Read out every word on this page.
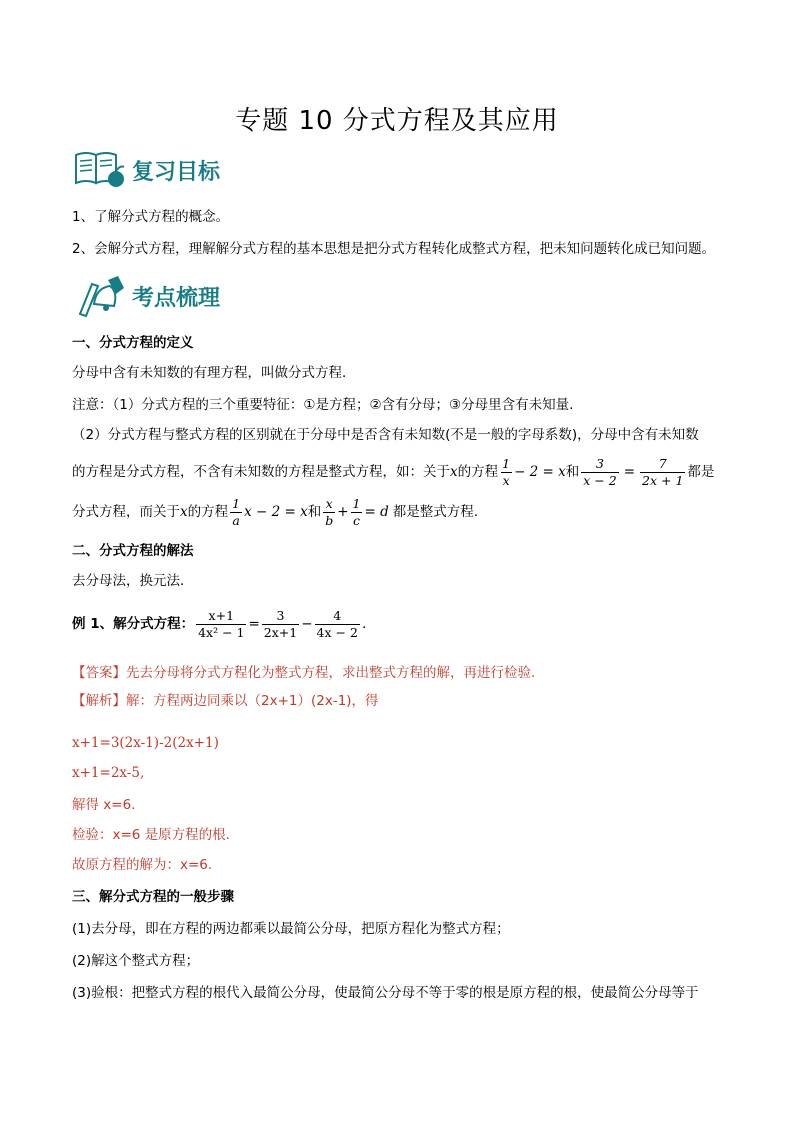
专题 10 分式方程及其应用
复习目标
1、了解分式方程的概念。
2、会解分式方程，理解解分式方程的基本思想是把分式方程转化成整式方程，把未知问题转化成已知问题。
考点梳理
一、分式方程的定义
分母中含有未知数的有理方程，叫做分式方程．
注意：（1）分式方程的三个重要特征：①是方程；②含有分母；③分母里含有未知量.
（2）分式方程与整式方程的区别就在于分母中是否含有未知数(不是一般的字母系数)，分母中含有未知数
的方程是分式方程，不含有未知数的方程是整式方程，如：关于 x 的方程 $\frac{1}{x} - 2 = x$ 和 $\frac{3}{x - 2} = \frac{7}{2x + 1}$ 都是
分式方程，而关于 x 的方程 $\frac{1}{a}$ x − 2 = x 和 $\frac{x}{b} + \frac{1}{c} = d$ 都是整式方程.
二、分式方程的解法
去分母法，换元法．
例 1、解分式方程： $\frac{x+1}{\text{4x² − 1}} = \frac{3}{2x+1} - \frac{4}{4x - 2}$ .
【答案】先去分母将分式方程化为整式方程，求出整式方程的解，再进行检验.
【解析】解：方程两边同乘以（2x+1）(2x-1)，得
x+1=3(2x-1)-2(2x+1)
x+1=2x-5,
解得 x=6.
检验：x=6 是原方程的根.
故原方程的解为：x=6.
三、解分式方程的一般步骤
(1)去分母，即在方程的两边都乘以最简公分母，把原方程化为整式方程；
(2)解这个整式方程；
(3)验根：把整式方程的根代入最简公分母，使最简公分母不等于零的根是原方程的根，使最简公分母等于
